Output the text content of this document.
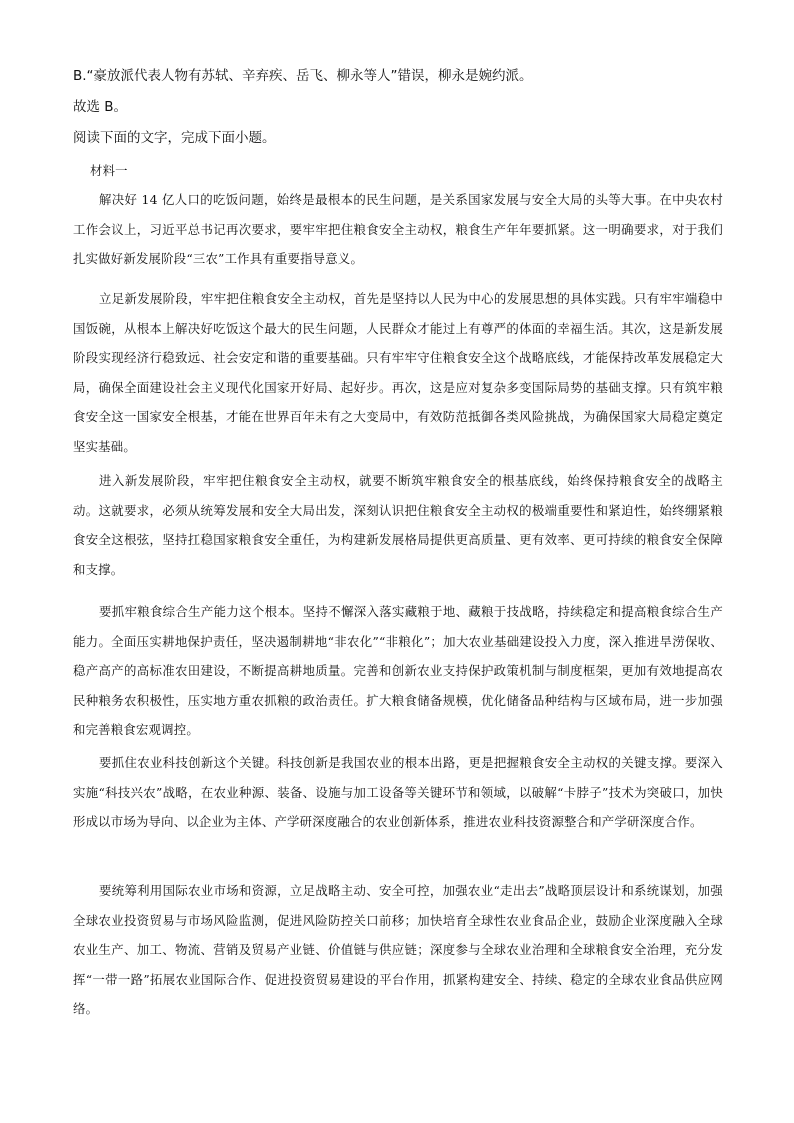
B.“豪放派代表人物有苏轼、辛弃疾、岳飞、柳永等人”错误，柳永是婉约派。
故选 B。
阅读下面的文字，完成下面小题。
材料一
解决好 14 亿人口的吃饭问题，始终是最根本的民生问题，是关系国家发展与安全大局的头等大事。在中央农村工作会议上，习近平总书记再次要求，要牢牢把住粮食安全主动权，粮食生产年年要抓紧。这一明确要求，对于我们扎实做好新发展阶段“三农”工作具有重要指导意义。
立足新发展阶段，牢牢把住粮食安全主动权，首先是坚持以人民为中心的发展思想的具体实践。只有牢牢端稳中国饭碗，从根本上解决好吃饭这个最大的民生问题，人民群众才能过上有尊严的体面的幸福生活。其次，这是新发展阶段实现经济行稳致远、社会安定和谐的重要基础。只有牢牢守住粮食安全这个战略底线，才能保持改革发展稳定大局，确保全面建设社会主义现代化国家开好局、起好步。再次，这是应对复杂多变国际局势的基础支撑。只有筑牢粮食安全这一国家安全根基，才能在世界百年未有之大变局中，有效防范抵御各类风险挑战，为确保国家大局稳定奠定坚实基础。
进入新发展阶段，牢牢把住粮食安全主动权，就要不断筑牢粮食安全的根基底线，始终保持粮食安全的战略主动。这就要求，必须从统筹发展和安全大局出发，深刻认识把住粮食安全主动权的极端重要性和紧迫性，始终绷紧粮食安全这根弦，坚持扛稳国家粮食安全重任，为构建新发展格局提供更高质量、更有效率、更可持续的粮食安全保障和支撑。
要抓牢粮食综合生产能力这个根本。坚持不懈深入落实藏粮于地、藏粮于技战略，持续稳定和提高粮食综合生产能力。全面压实耕地保护责任，坚决遏制耕地“非农化”“非粮化”；加大农业基础建设投入力度，深入推进旱涝保收、稳产高产的高标准农田建设，不断提高耕地质量。完善和创新农业支持保护政策机制与制度框架，更加有效地提高农民种粮务农积极性，压实地方重农抓粮的政治责任。扩大粮食储备规模，优化储备品种结构与区域布局，进一步加强和完善粮食宏观调控。
要抓住农业科技创新这个关键。科技创新是我国农业的根本出路，更是把握粮食安全主动权的关键支撑。要深入实施“科技兴农”战略，在农业种源、装备、设施与加工设备等关键环节和领域，以破解“卡脖子”技术为突破口，加快形成以市场为导向、以企业为主体、产学研深度融合的农业创新体系，推进农业科技资源整合和产学研深度合作。
要统筹利用国际农业市场和资源，立足战略主动、安全可控，加强农业“走出去”战略顶层设计和系统谋划，加强全球农业投资贸易与市场风险监测，促进风险防控关口前移；加快培育全球性农业食品企业，鼓励企业深度融入全球农业生产、加工、物流、营销及贸易产业链、价值链与供应链；深度参与全球农业治理和全球粮食安全治理，充分发挥“一带一路”拓展农业国际合作、促进投资贸易建设的平台作用，抓紧构建安全、持续、稳定的全球农业食品供应网络。
